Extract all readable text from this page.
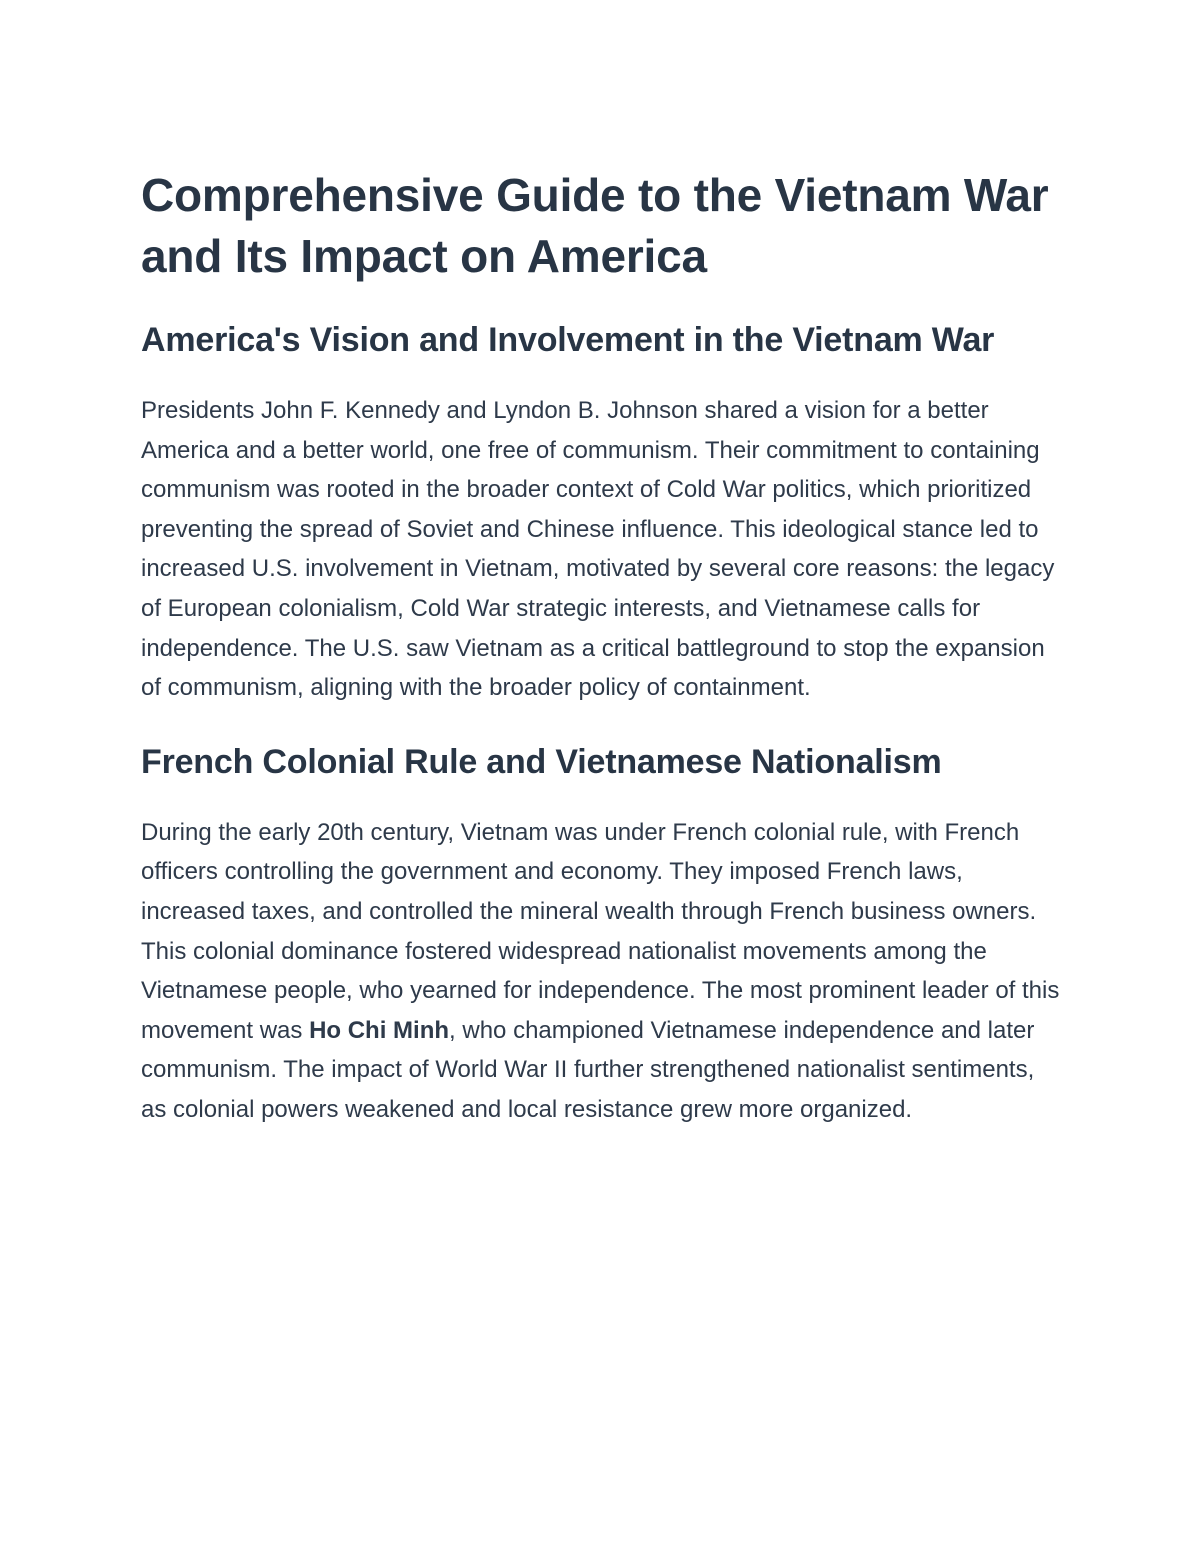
Comprehensive Guide to the Vietnam War and Its Impact on America
America's Vision and Involvement in the Vietnam War

Presidents John F. Kennedy and Lyndon B. Johnson shared a vision for a better America and a better world, one free of communism. Their commitment to containing communism was rooted in the broader context of Cold War politics, which prioritized preventing the spread of Soviet and Chinese influence. This ideological stance led to increased U.S. involvement in Vietnam, motivated by several core reasons: the legacy of European colonialism, Cold War strategic interests, and Vietnamese calls for independence. The U.S. saw Vietnam as a critical battleground to stop the expansion of communism, aligning with the broader policy of containment.

French Colonial Rule and Vietnamese Nationalism

During the early 20th century, Vietnam was under French colonial rule, with French officers controlling the government and economy. They imposed French laws, increased taxes, and controlled the mineral wealth through French business owners. This colonial dominance fostered widespread nationalist movements among the Vietnamese people, who yearned for independence. The most prominent leader of this movement was Ho Chi Minh, who championed Vietnamese independence and later communism. The impact of World War II further strengthened nationalist sentiments, as colonial powers weakened and local resistance grew more organized.
